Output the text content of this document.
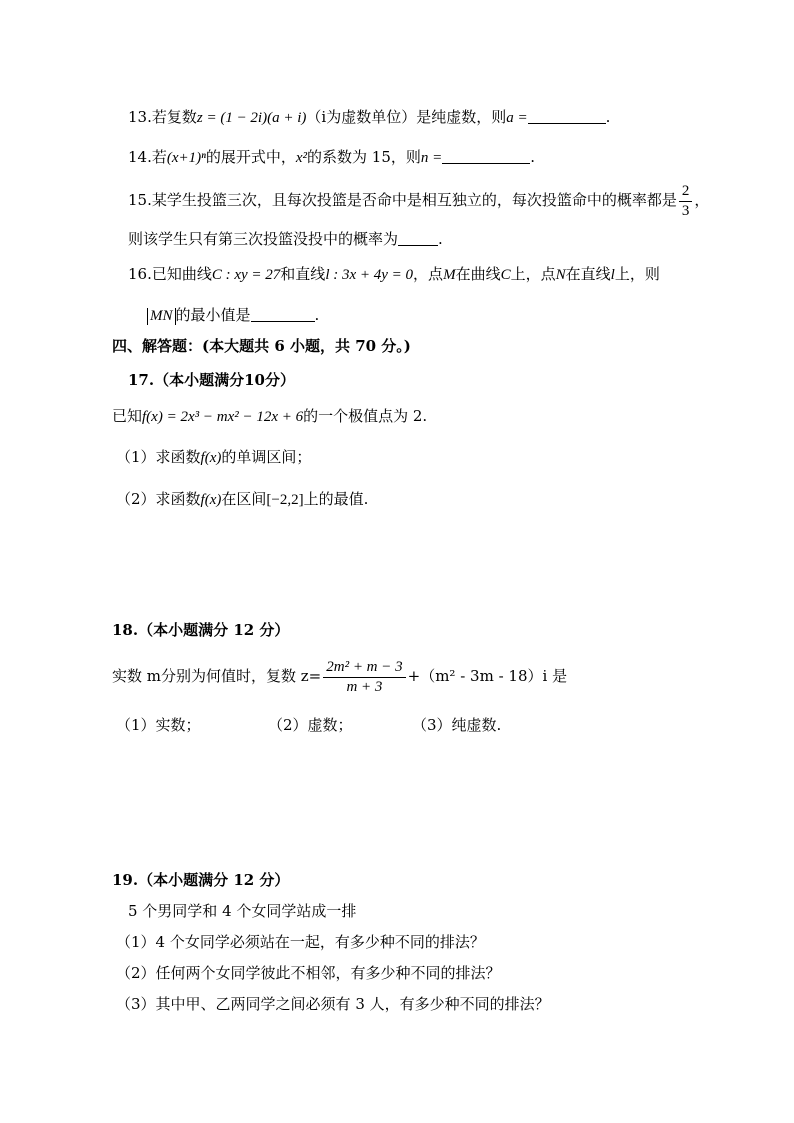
13.若复数z = (1 − 2i)(a + i)（i为虚数单位）是纯虚数，则a =	.
14.若(x+1)ⁿ的展开式中，x²的系数为 15，则n =	.
15.某学生投篮三次，且每次投篮是否命中是相互独立的，每次投篮命中的概率都是 $\frac{2}{3}$ ，
则该学生只有第三次投篮没投中的概率为	.
16.已知曲线C : xy = 27和直线l : 3x + 4y = 0，点M在曲线C上，点N在直线l上，则
MN 的最小值是	.
四、解答题：(本大题共 6 小题，共 70 分。)
17.（本小题满分10分）
已知f(x) = 2x³ − mx² − 12x + 6的一个极值点为 2.
（1）求函数f(x)的单调区间；
（2）求函数f(x)在区间[−2,2]上的最值.
18.（本小题满分 12 分）
实数 m分别为何值时，复数 $z= \frac{\text{2m² + m − 3}}{m + 3} +(m^2 - 3m - 18)i$ 是
（1）实数；	（2）虚数；	（3）纯虚数.
19.（本小题满分 12 分）
5 个男同学和 4 个女同学站成一排
（1）4 个女同学必须站在一起，有多少种不同的排法？
（2）任何两个女同学彼此不相邻，有多少种不同的排法？
（3）其中甲、乙两同学之间必须有 3 人，有多少种不同的排法？
